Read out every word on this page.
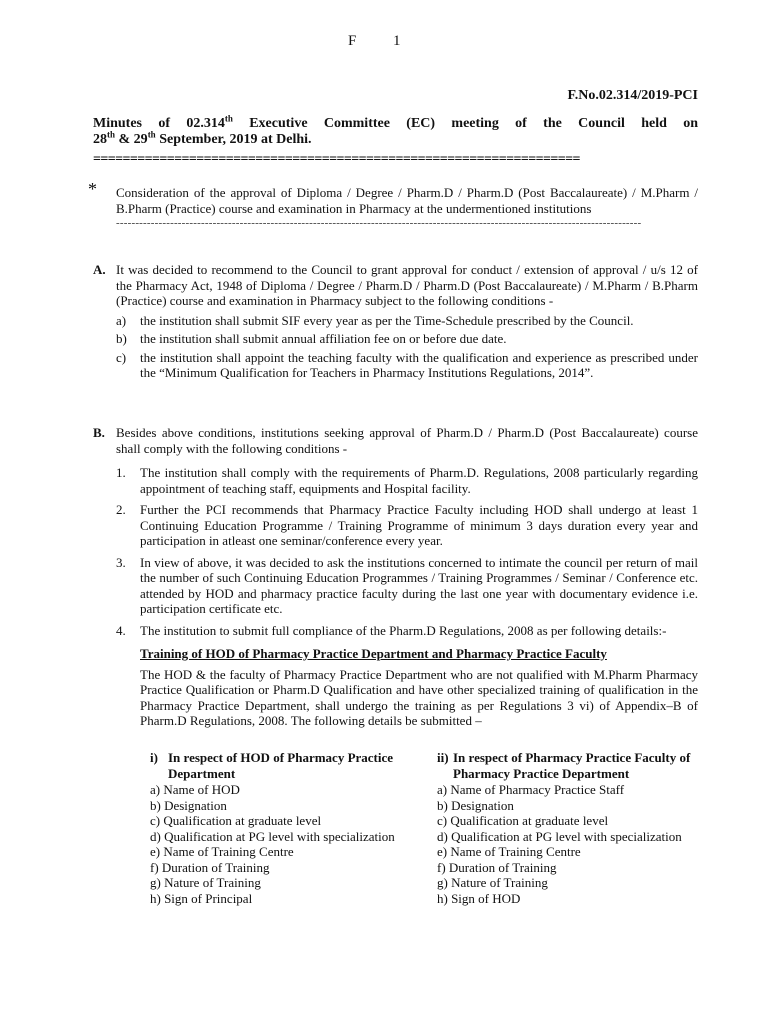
F 1
F.No.02.314/2019-PCI
Minutes of 02.314th Executive Committee (EC) meeting of the Council held on
28th & 29th September, 2019 at Delhi.
==================================================================
* Consideration of the approval of Diploma / Degree / Pharm.D / Pharm.D (Post Baccalaureate) / M.Pharm / B.Pharm (Practice) course and examination in Pharmacy at the undermentioned institutions
----------------------------------------------------------------------------------------------------------------------------------------
A. It was decided to recommend to the Council to grant approval for conduct / extension of approval / u/s 12 of the Pharmacy Act, 1948 of Diploma / Degree / Pharm.D / Pharm.D (Post Baccalaureate) / M.Pharm / B.Pharm (Practice) course and examination in Pharmacy subject to the following conditions -
a) the institution shall submit SIF every year as per the Time-Schedule prescribed by the Council.
b) the institution shall submit annual affiliation fee on or before due date.
c) the institution shall appoint the teaching faculty with the qualification and experience as prescribed under the “Minimum Qualification for Teachers in Pharmacy Institutions Regulations, 2014”.
B. Besides above conditions, institutions seeking approval of Pharm.D / Pharm.D (Post Baccalaureate) course shall comply with the following conditions -
1. The institution shall comply with the requirements of Pharm.D. Regulations, 2008 particularly regarding appointment of teaching staff, equipments and Hospital facility.
2. Further the PCI recommends that Pharmacy Practice Faculty including HOD shall undergo at least 1 Continuing Education Programme / Training Programme of minimum 3 days duration every year and participation in atleast one seminar/conference every year.
3. In view of above, it was decided to ask the institutions concerned to intimate the council per return of mail the number of such Continuing Education Programmes / Training Programmes / Seminar / Conference etc. attended by HOD and pharmacy practice faculty during the last one year with documentary evidence i.e. participation certificate etc.
4. The institution to submit full compliance of the Pharm.D Regulations, 2008 as per following details:-
Training of HOD of Pharmacy Practice Department and Pharmacy Practice Faculty
The HOD & the faculty of Pharmacy Practice Department who are not qualified with M.Pharm Pharmacy Practice Qualification or Pharm.D Qualification and have other specialized training of qualification in the Pharmacy Practice Department, shall undergo the training as per Regulations 3 vi) of Appendix–B of Pharm.D Regulations, 2008. The following details be submitted –
i) In respect of HOD of Pharmacy Practice Department
a) Name of HOD
b) Designation
c) Qualification at graduate level
d) Qualification at PG level with specialization
e) Name of Training Centre
f) Duration of Training
g) Nature of Training
h) Sign of Principal
ii) In respect of Pharmacy Practice Faculty of Pharmacy Practice Department
a) Name of Pharmacy Practice Staff
b) Designation
c) Qualification at graduate level
d) Qualification at PG level with specialization
e) Name of Training Centre
f) Duration of Training
g) Nature of Training
h) Sign of HOD
